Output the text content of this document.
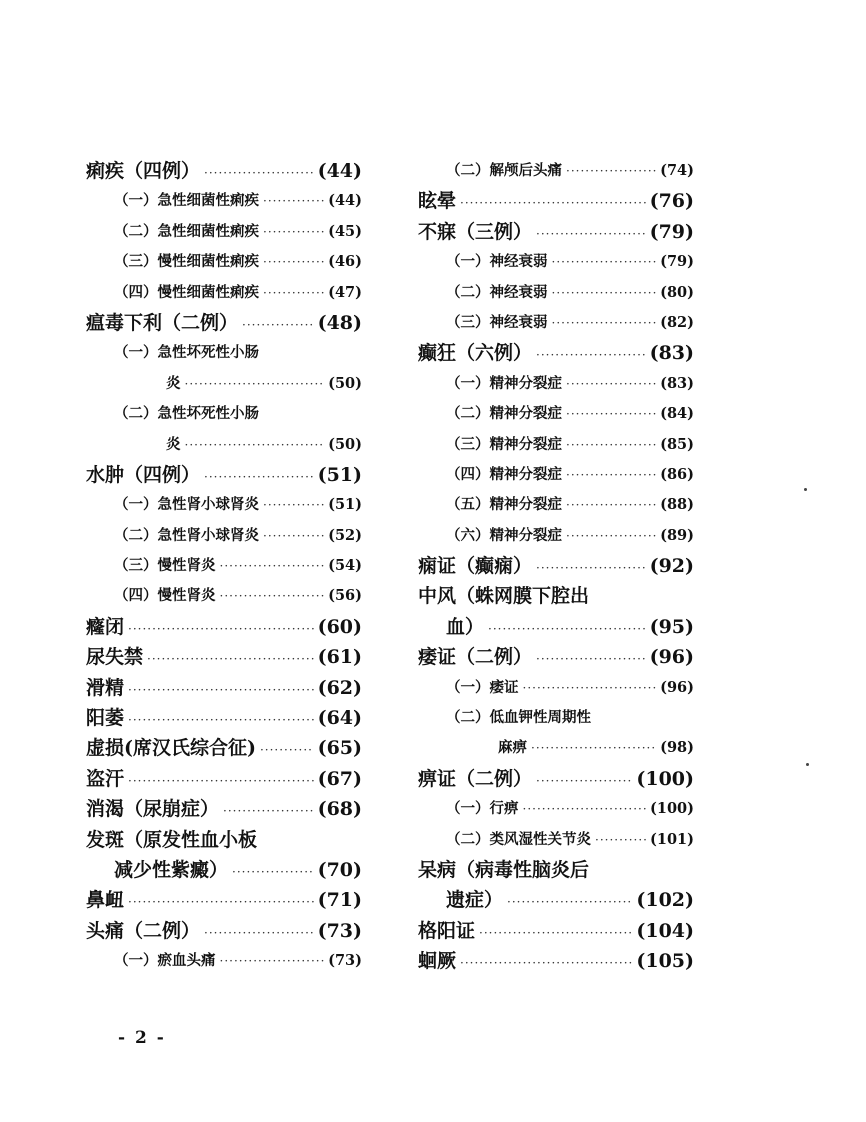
痢疾（四例） ·····	(44)
（一）急性细菌性痢疾 ·····	(44)
（二）急性细菌性痢疾 ·····	(45)
（三）慢性细菌性痢疾 ·····	(46)
（四）慢性细菌性痢疾 ·····	(47)
瘟毒下利（二例） ·····	(48)
（一）急性坏死性小肠
炎 ·····	(50)
（二）急性坏死性小肠
炎 ·····	(50)
水肿（四例） ·····	(51)
（一）急性肾小球肾炎 ·····	(51)
（二）急性肾小球肾炎 ·····	(52)
（三）慢性肾炎 ·····	(54)
（四）慢性肾炎 ·····	(56)
癃闭 ·····	(60)
尿失禁 ·····	(61)
滑精 ·····	(62)
阳萎 ·····	(64)
虚损(席汉氏综合征) ·····	(65)
盗汗 ·····	(67)
消渴（尿崩症） ·····	(68)
发斑（原发性血小板
减少性紫癜） ·····	(70)
鼻衄 ·····	(71)
头痛（二例） ·····	(73)
（一）瘀血头痛 ·····	(73)
（二）解颅后头痛 ·····	(74)
眩晕 ·····	(76)
不寐（三例） ·····	(79)
（一）神经衰弱 ·····	(79)
（二）神经衰弱 ·····	(80)
（三）神经衰弱 ·····	(82)
癫狂（六例） ·····	(83)
（一）精神分裂症 ·····	(83)
（二）精神分裂症 ·····	(84)
（三）精神分裂症 ·····	(85)
（四）精神分裂症 ·····	(86)
（五）精神分裂症 ·····	(88)
（六）精神分裂症 ·····	(89)
痫证（癫痫） ·····	(92)
中风（蛛网膜下腔出
血） ·····	(95)
痿证（二例） ·····	(96)
（一）痿证 ·····	(96)
（二）低血钾性周期性
麻痹 ·····	(98)
痹证（二例） ·····	(100)
（一）行痹 ·····	(100)
（二）类风湿性关节炎 ·····	(101)
呆病（病毒性脑炎后
遗症） ·····	(102)
格阳证 ·····	(104)
蛔厥 ·····	(105)
- 2 -
